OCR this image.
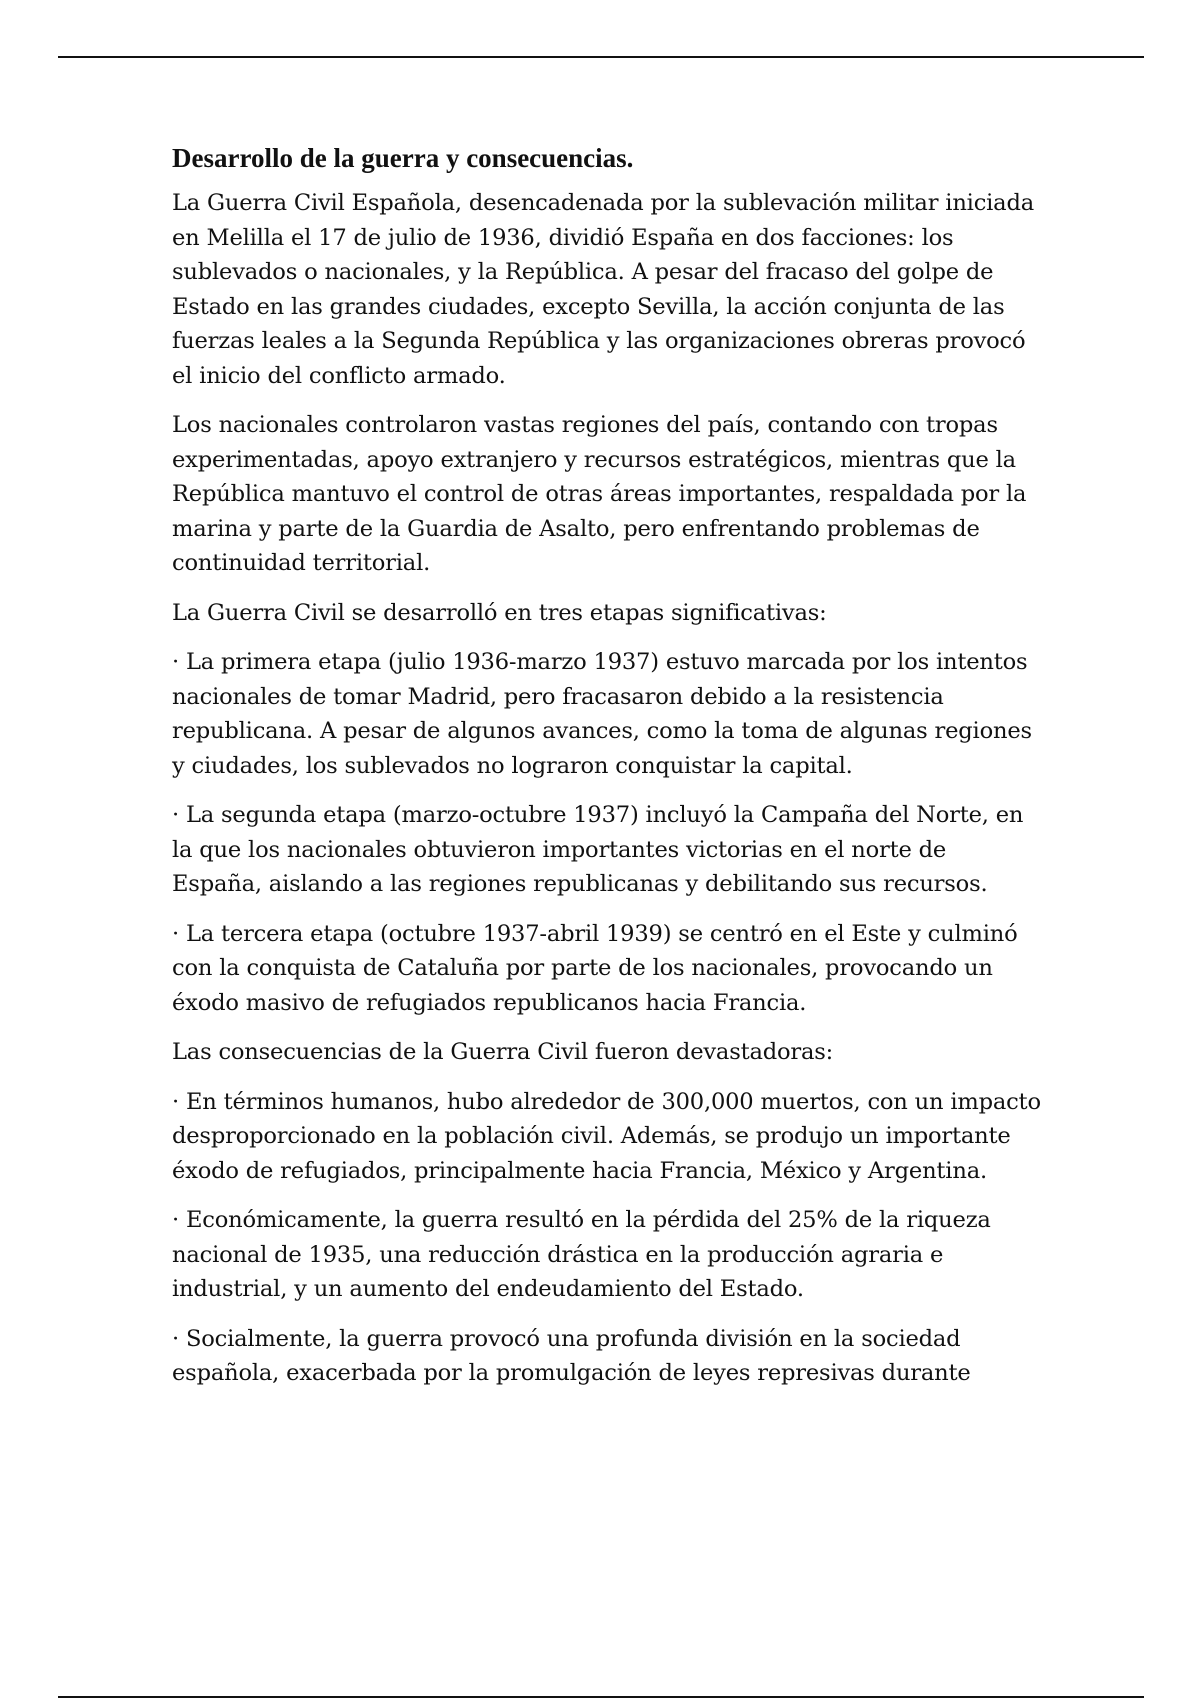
Desarrollo de la guerra y consecuencias.

La Guerra Civil Española, desencadenada por la sublevación militar iniciada en Melilla el 17 de julio de 1936, dividió España en dos facciones: los sublevados o nacionales, y la República. A pesar del fracaso del golpe de Estado en las grandes ciudades, excepto Sevilla, la acción conjunta de las fuerzas leales a la Segunda República y las organizaciones obreras provocó el inicio del conflicto armado.

Los nacionales controlaron vastas regiones del país, contando con tropas experimentadas, apoyo extranjero y recursos estratégicos, mientras que la República mantuvo el control de otras áreas importantes, respaldada por la marina y parte de la Guardia de Asalto, pero enfrentando problemas de continuidad territorial.

La Guerra Civil se desarrolló en tres etapas significativas:

· La primera etapa (julio 1936-marzo 1937) estuvo marcada por los intentos nacionales de tomar Madrid, pero fracasaron debido a la resistencia republicana. A pesar de algunos avances, como la toma de algunas regiones y ciudades, los sublevados no lograron conquistar la capital.

· La segunda etapa (marzo-octubre 1937) incluyó la Campaña del Norte, en la que los nacionales obtuvieron importantes victorias en el norte de España, aislando a las regiones republicanas y debilitando sus recursos.

· La tercera etapa (octubre 1937-abril 1939) se centró en el Este y culminó con la conquista de Cataluña por parte de los nacionales, provocando un éxodo masivo de refugiados republicanos hacia Francia.

Las consecuencias de la Guerra Civil fueron devastadoras:

· En términos humanos, hubo alrededor de 300,000 muertos, con un impacto desproporcionado en la población civil. Además, se produjo un importante éxodo de refugiados, principalmente hacia Francia, México y Argentina.

· Económicamente, la guerra resultó en la pérdida del 25% de la riqueza nacional de 1935, una reducción drástica en la producción agraria e industrial, y un aumento del endeudamiento del Estado.

· Socialmente, la guerra provocó una profunda división en la sociedad española, exacerbada por la promulgación de leyes represivas durante
